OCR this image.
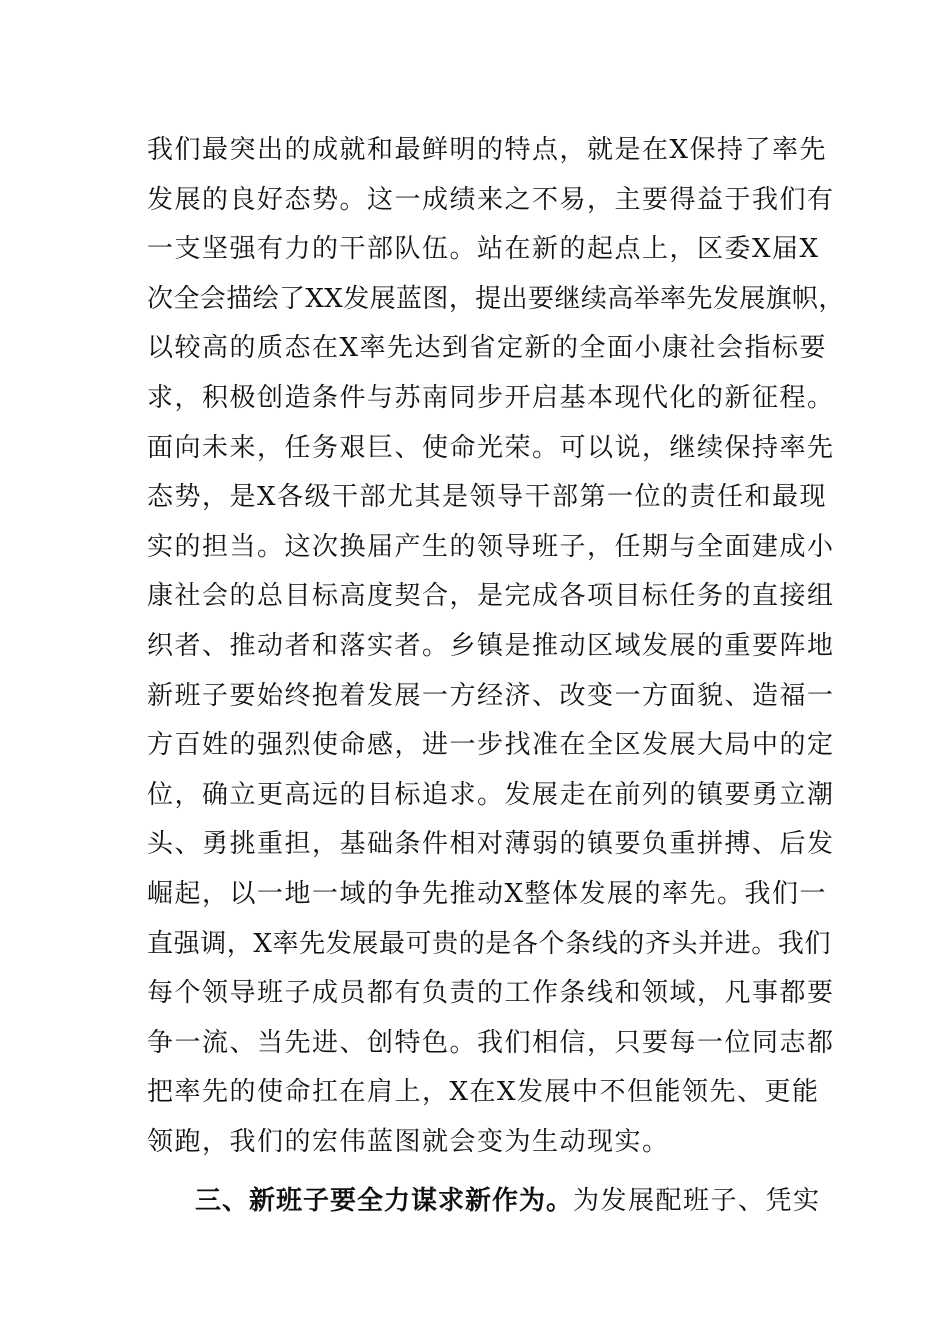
我们最突出的成就和最鲜明的特点，就是在X保持了率先
发展的良好态势。这一成绩来之不易，主要得益于我们有
一支坚强有力的干部队伍。站在新的起点上，区委X届X
次全会描绘了XX发展蓝图，提出要继续高举率先发展旗帜，
以较高的质态在X率先达到省定新的全面小康社会指标要
求，积极创造条件与苏南同步开启基本现代化的新征程。
面向未来，任务艰巨、使命光荣。可以说，继续保持率先
态势，是X各级干部尤其是领导干部第一位的责任和最现
实的担当。这次换届产生的领导班子，任期与全面建成小
康社会的总目标高度契合，是完成各项目标任务的直接组
织者、推动者和落实者。乡镇是推动区域发展的重要阵地
新班子要始终抱着发展一方经济、改变一方面貌、造福一
方百姓的强烈使命感，进一步找准在全区发展大局中的定
位，确立更高远的目标追求。发展走在前列的镇要勇立潮
头、勇挑重担，基础条件相对薄弱的镇要负重拼搏、后发
崛起，以一地一域的争先推动X整体发展的率先。我们一
直强调，X率先发展最可贵的是各个条线的齐头并进。我们
每个领导班子成员都有负责的工作条线和领域，凡事都要
争一流、当先进、创特色。我们相信，只要每一位同志都
把率先的使命扛在肩上，X在X发展中不但能领先、更能
领跑，我们的宏伟蓝图就会变为生动现实。
三、新班子要全力谋求新作为。为发展配班子、凭实
